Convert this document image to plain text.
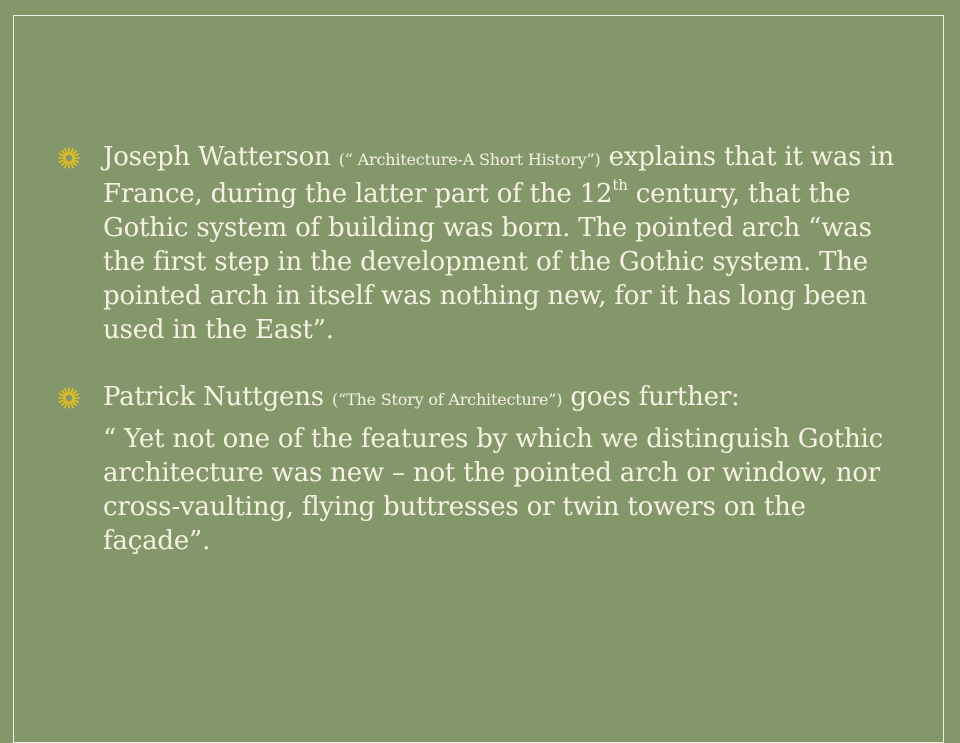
Joseph Watterson (“ Architecture-A Short History”) explains that it was in France, during the latter part of the 12th century, that the Gothic system of building was born. The pointed arch “was the first step in the development of the Gothic system. The pointed arch in itself was nothing new, for it has long been used in the East”.
Patrick Nuttgens (“The Story of Architecture”) goes further:
“ Yet not one of the features by which we distinguish Gothic architecture was new – not the pointed arch or window, nor cross-vaulting, flying buttresses or twin towers on the façade”.
